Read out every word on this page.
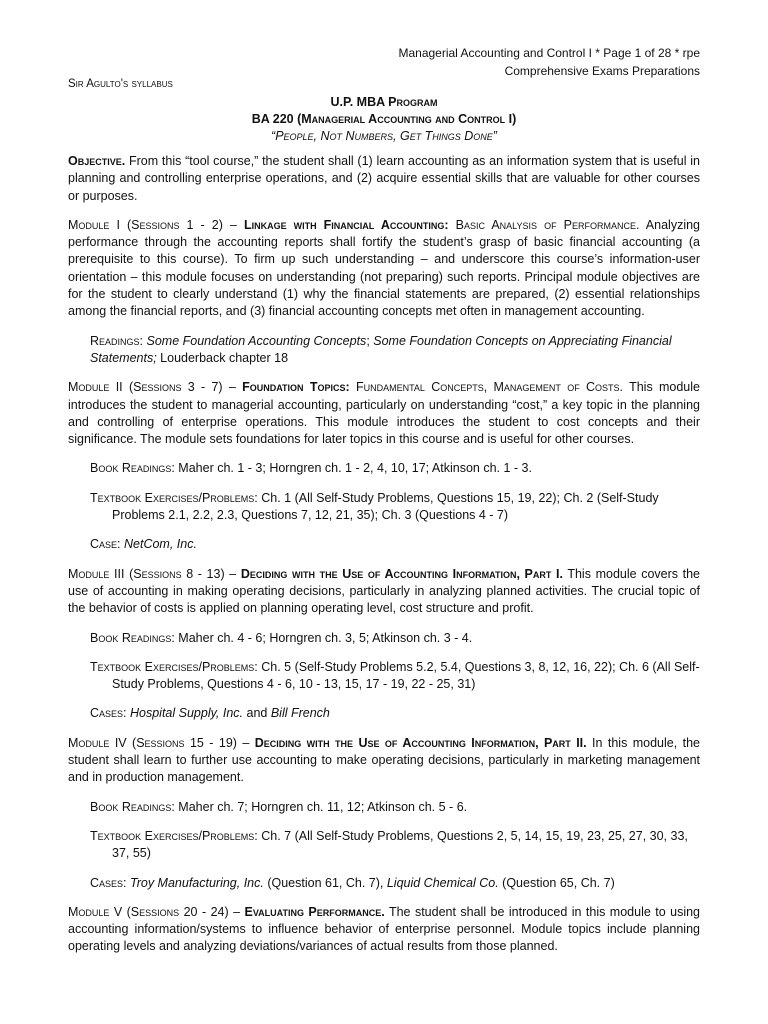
Managerial Accounting and Control I * Page 1 of 28 * rpe
Comprehensive Exams Preparations
Sir Agulto's syllabus
U.P. MBA Program
BA 220 (Managerial Accounting and Control I)
“People, Not Numbers, Get Things Done”

Objective. From this “tool course,” the student shall (1) learn accounting as an information system that is useful in planning and controlling enterprise operations, and (2) acquire essential skills that are valuable for other courses or purposes.

Module I (Sessions 1 - 2) – Linkage with Financial Accounting: Basic Analysis of Performance. Analyzing performance through the accounting reports shall fortify the student’s grasp of basic financial accounting (a prerequisite to this course). To firm up such understanding – and underscore this course’s information-user orientation – this module focuses on understanding (not preparing) such reports. Principal module objectives are for the student to clearly understand (1) why the financial statements are prepared, (2) essential relationships among the financial reports, and (3) financial accounting concepts met often in management accounting.

Readings: Some Foundation Accounting Concepts; Some Foundation Concepts on Appreciating Financial Statements; Louderback chapter 18

Module II (Sessions 3 - 7) – Foundation Topics: Fundamental Concepts, Management of Costs. This module introduces the student to managerial accounting, particularly on understanding “cost,” a key topic in the planning and controlling of enterprise operations. This module introduces the student to cost concepts and their significance. The module sets foundations for later topics in this course and is useful for other courses.

Book Readings: Maher ch. 1 - 3; Horngren ch. 1 - 2, 4, 10, 17; Atkinson ch. 1 - 3.

Textbook Exercises/Problems: Ch. 1 (All Self-Study Problems, Questions 15, 19, 22); Ch. 2 (Self-Study Problems 2.1, 2.2, 2.3, Questions 7, 12, 21, 35); Ch. 3 (Questions 4 - 7)

Case: NetCom, Inc.

Module III (Sessions 8 - 13) – Deciding with the Use of Accounting Information, Part I. This module covers the use of accounting in making operating decisions, particularly in analyzing planned activities. The crucial topic of the behavior of costs is applied on planning operating level, cost structure and profit.

Book Readings: Maher ch. 4 - 6; Horngren ch. 3, 5; Atkinson ch. 3 - 4.

Textbook Exercises/Problems: Ch. 5 (Self-Study Problems 5.2, 5.4, Questions 3, 8, 12, 16, 22); Ch. 6 (All Self-Study Problems, Questions 4 - 6, 10 - 13, 15, 17 - 19, 22 - 25, 31)

Cases: Hospital Supply, Inc. and Bill French

Module IV (Sessions 15 - 19) – Deciding with the Use of Accounting Information, Part II. In this module, the student shall learn to further use accounting to make operating decisions, particularly in marketing management and in production management.

Book Readings: Maher ch. 7; Horngren ch. 11, 12; Atkinson ch. 5 - 6.

Textbook Exercises/Problems: Ch. 7 (All Self-Study Problems, Questions 2, 5, 14, 15, 19, 23, 25, 27, 30, 33, 37, 55)

Cases: Troy Manufacturing, Inc. (Question 61, Ch. 7), Liquid Chemical Co. (Question 65, Ch. 7)

Module V (Sessions 20 - 24) – Evaluating Performance. The student shall be introduced in this module to using accounting information/systems to influence behavior of enterprise personnel. Module topics include planning operating levels and analyzing deviations/variances of actual results from those planned.
